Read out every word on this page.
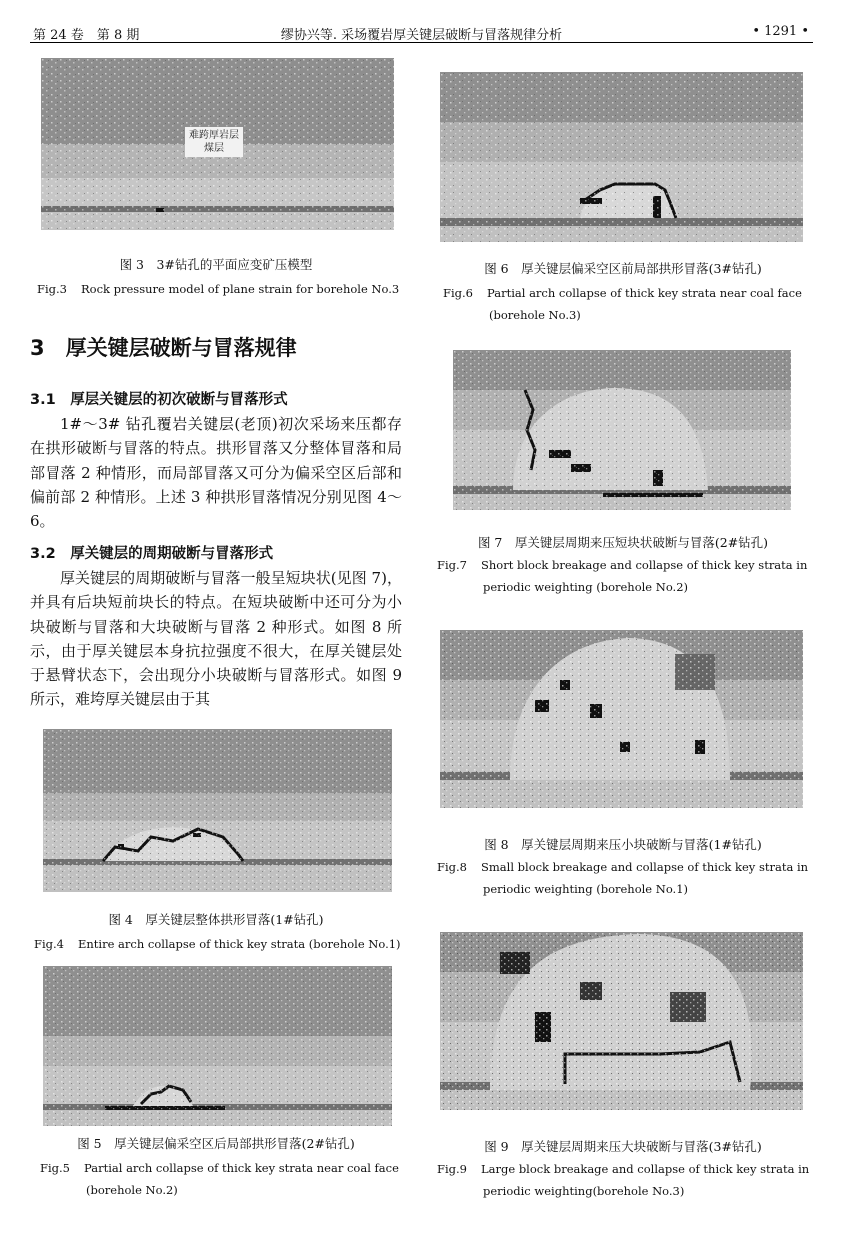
第 24 卷　第 8 期	缪协兴等. 采场覆岩厚关键层破断与冒落规律分析	• 1291 •
难跨厚岩层
煤层
图 3　3#钻孔的平面应变矿压模型
Fig.3 Rock pressure model of plane strain for borehole No.3
3　 厚关键层破断与冒落规律
3.1　 厚层关键层的初次破断与冒落形式

1#～3# 钻孔覆岩关键层(老顶)初次采场来压都存在拱形破断与冒落的特点。拱形冒落又分整体冒落和局部冒落 2 种情形，而局部冒落又可分为偏采空区后部和偏前部 2 种情形。上述 3 种拱形冒落情况分别见图 4～6。

3.2　 厚关键层的周期破断与冒落形式

厚关键层的周期破断与冒落一般呈短块状(见图 7)，并具有后块短前块长的特点。在短块破断中还可分为小块破断与冒落和大块破断与冒落 2 种形式。如图 8 所示，由于厚关键层本身抗拉强度不很大，在厚关键层处于悬臂状态下，会出现分小块破断与冒落形式。如图 9 所示，难垮厚关键层由于其

图 4　厚关键层整体拱形冒落(1#钻孔)
Fig.4 Entire arch collapse of thick key strata (borehole No.1)
图 5　厚关键层偏采空区后局部拱形冒落(2#钻孔)
Fig.5 Partial arch collapse of thick key strata near coal face
(borehole No.2)
图 6　厚关键层偏采空区前局部拱形冒落(3#钻孔)
Fig.6 Partial arch collapse of thick key strata near coal face
(borehole No.3)
图 7　厚关键层周期来压短块状破断与冒落(2#钻孔)
Fig.7 Short block breakage and collapse of thick key strata in
periodic weighting (borehole No.2)
图 8　厚关键层周期来压小块破断与冒落(1#钻孔)
Fig.8 Small block breakage and collapse of thick key strata in
periodic weighting (borehole No.1)
图 9　厚关键层周期来压大块破断与冒落(3#钻孔)
Fig.9 Large block breakage and collapse of thick key strata in
periodic weighting(borehole No.3)
